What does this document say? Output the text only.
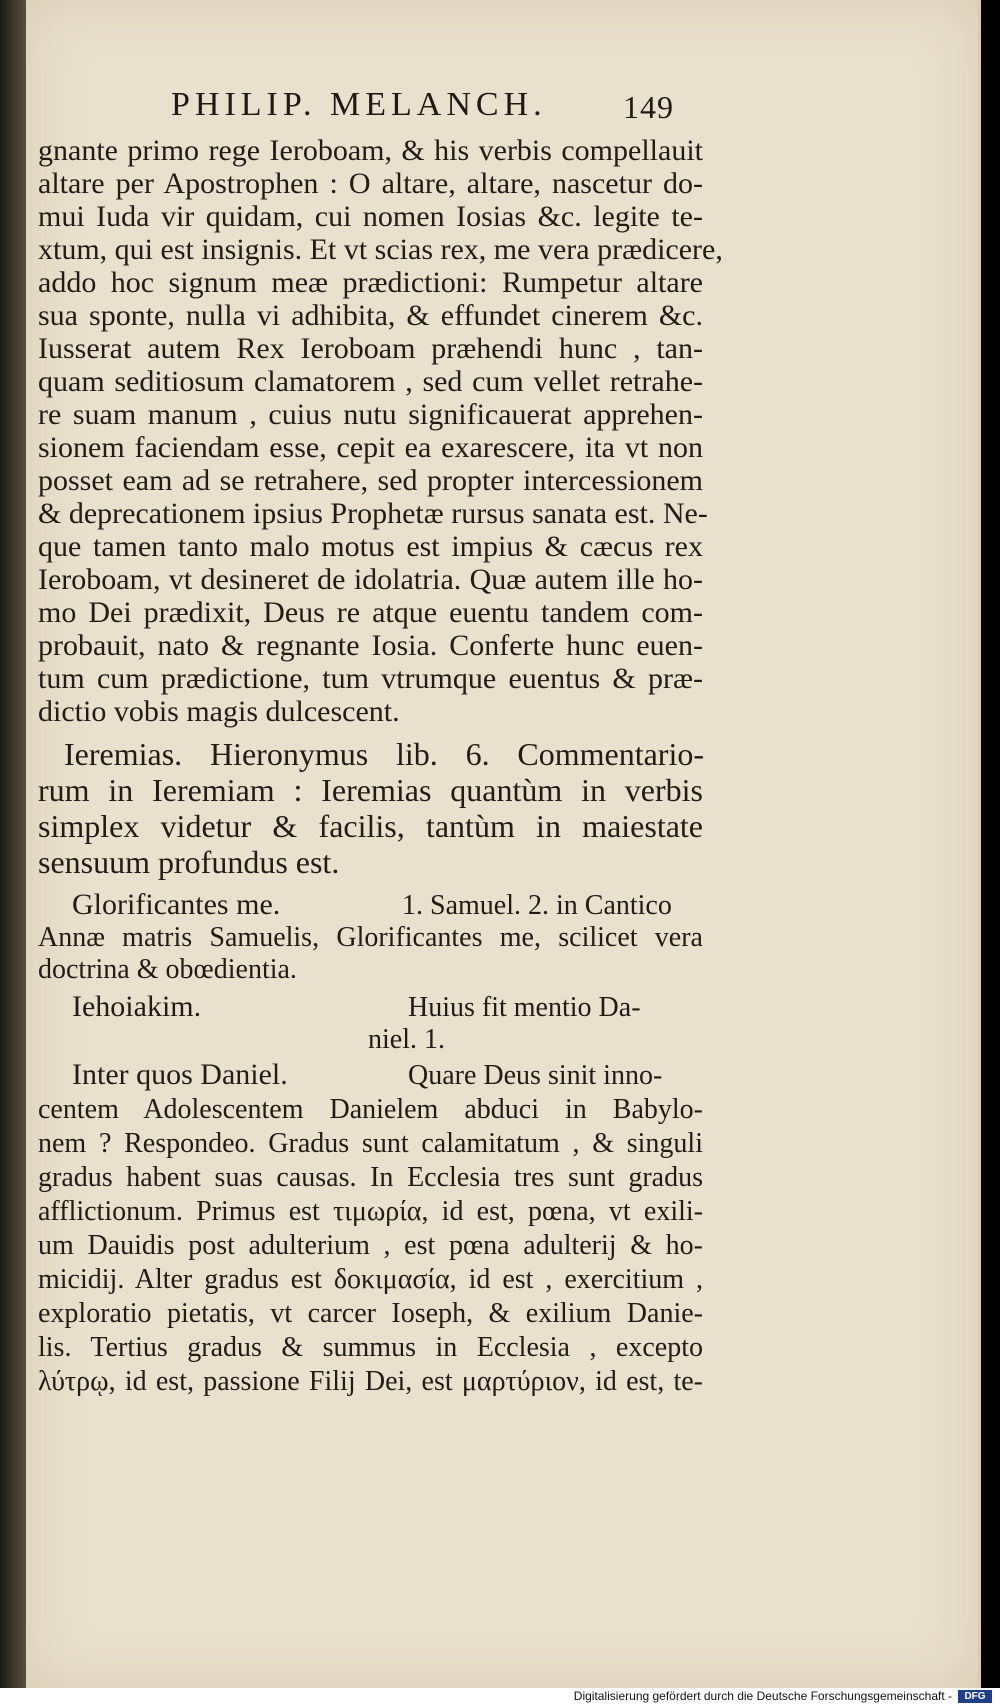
PHILIP. MELANCH. 149
gnante primo rege Ieroboam, & his verbis compellauit
altare per Apostrophen : O altare, altare, nascetur do-
mui Iuda vir quidam, cui nomen Iosias &c. legite te-
xtum, qui est insignis. Et vt scias rex, me vera prædicere,
addo hoc signum meæ prædictioni: Rumpetur altare
sua sponte, nulla vi adhibita, & effundet cinerem &c.
Iusserat autem Rex Ieroboam præhendi hunc , tan-
quam seditiosum clamatorem , sed cum vellet retrahe-
re suam manum , cuius nutu significauerat apprehen-
sionem faciendam esse, cepit ea exarescere, ita vt non
posset eam ad se retrahere, sed propter intercessionem
& deprecationem ipsius Prophetæ rursus sanata est. Ne-
que tamen tanto malo motus est impius & cæcus rex
Ieroboam, vt desineret de idolatria. Quæ autem ille ho-
mo Dei prædixit, Deus re atque euentu tandem com-
probauit, nato & regnante Iosia. Conferte hunc euen-
tum cum prædictione, tum vtrumque euentus & præ-
dictio vobis magis dulcescent.
Ieremias. Hieronymus lib. 6. Commentario-
rum in Ieremiam : Ieremias quantùm in verbis
simplex videtur & facilis, tantùm in maiestate
sensuum profundus est.
Glorificantes me.	1. Samuel. 2. in Cantico
Annæ matris Samuelis, Glorificantes me, scilicet vera
doctrina & obœdientia.
Iehoiakim.	Huius fit mentio Da-
niel. 1.
Inter quos Daniel.	Quare Deus sinit inno-
centem Adolescentem Danielem abduci in Babylo-
nem ? Respondeo. Gradus sunt calamitatum , & singuli
gradus habent suas causas. In Ecclesia tres sunt gradus
afflictionum. Primus est τιμωρία, id est, pœna, vt exili-
um Dauidis post adulterium , est pœna adulterij & ho-
micidij. Alter gradus est δοκιμασία, id est , exercitium ,
exploratio pietatis, vt carcer Ioseph, & exilium Danie-
lis. Tertius gradus & summus in Ecclesia , excepto
λύτρῳ, id est, passione Filij Dei, est μαρτύριον, id est, te-
Digitalisierung gefördert durch die Deutsche Forschungsgemeinschaft -	DFG
